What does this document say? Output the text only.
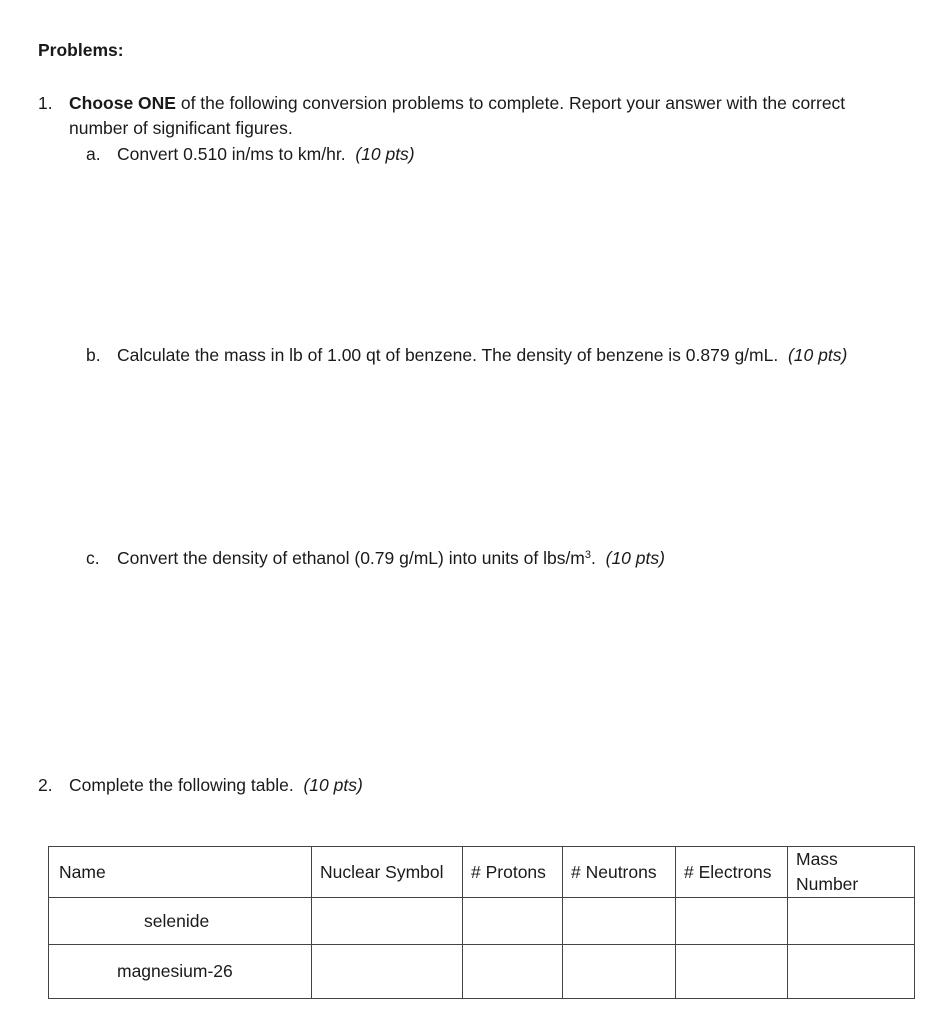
Problems:
1. Choose ONE of the following conversion problems to complete. Report your answer with the correct
number of significant figures.
a. Convert 0.510 in/ms to km/hr. (10 pts)
b. Calculate the mass in lb of 1.00 qt of benzene. The density of benzene is 0.879 g/mL. (10 pts)
c. Convert the density of ethanol (0.79 g/mL) into units of lbs/$m^3$. (10 pts)
2. Complete the following table. (10 pts)
Name	Nuclear Symbol	# Protons	# Neutrons	# Electrons	Mass
Number
selenide					
magnesium-26					
